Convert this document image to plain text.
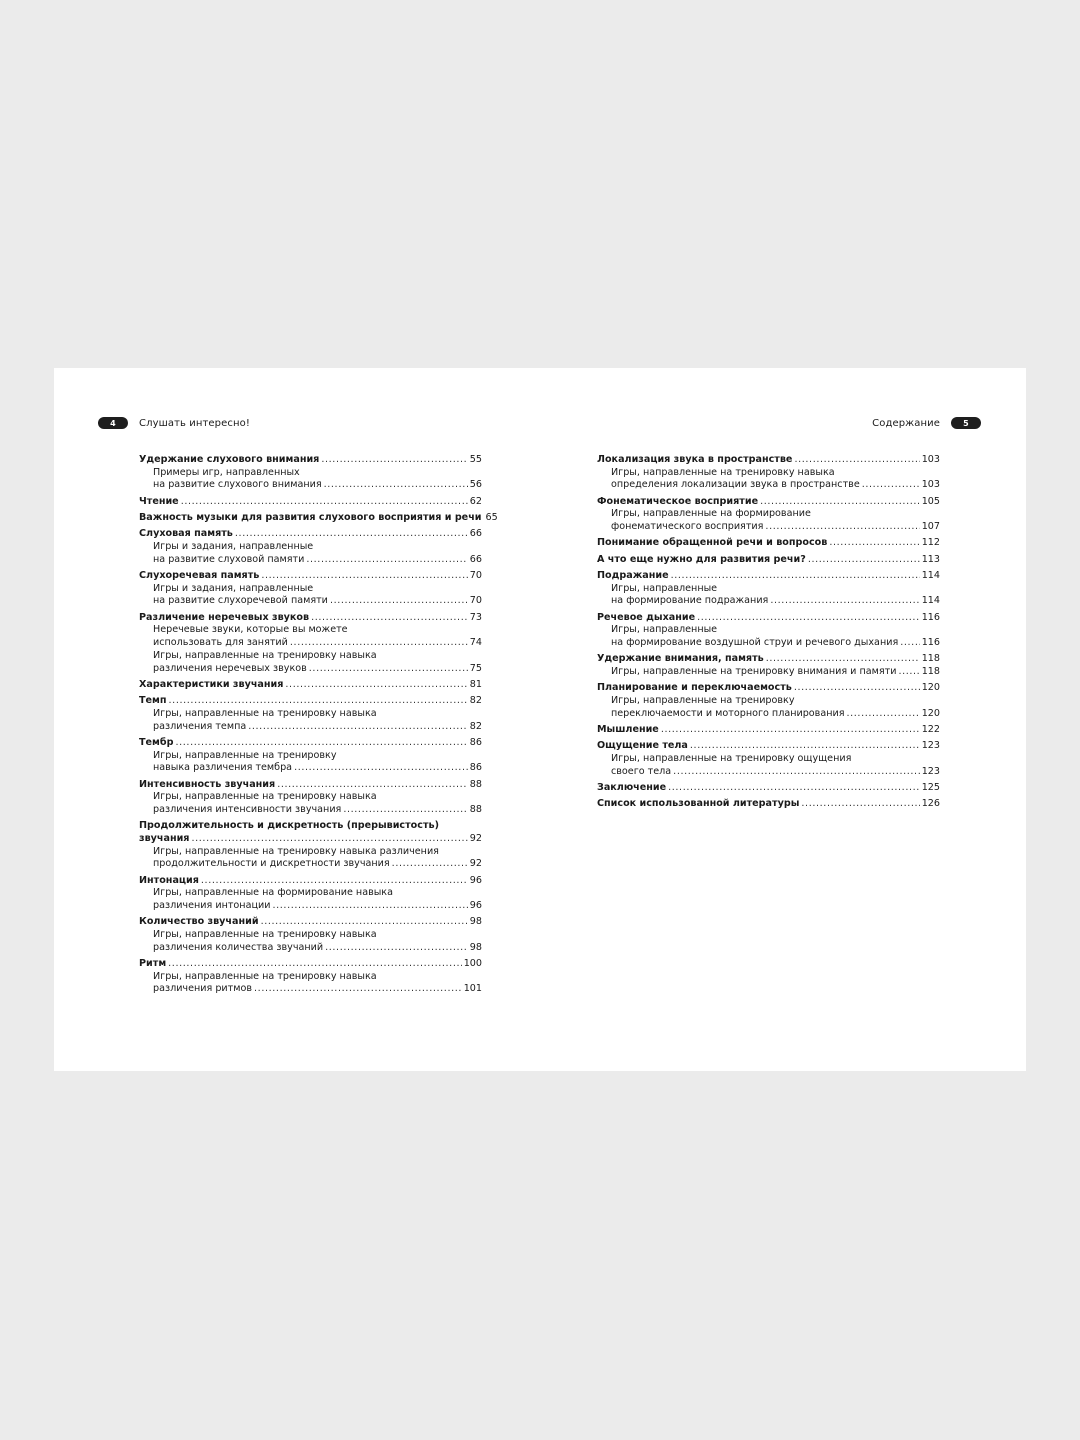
4	Слушать интересно!	Содержание	5
Удержание слухового внимания .....	55
Примеры игр, направленных
на развитие слухового внимания .....	56
Чтение .....	62
Важность музыки для развития слухового восприятия и речи 65
Слуховая память .....	66
Игры и задания, направленные
на развитие слуховой памяти .....	66
Слухоречевая память .....	70
Игры и задания, направленные
на развитие слухоречевой памяти .....	70
Различение неречевых звуков .....	73
Неречевые звуки, которые вы можете
использовать для занятий .....	74
Игры, направленные на тренировку навыка
различения неречевых звуков .....	75
Характеристики звучания .....	81
Темп .....	82
Игры, направленные на тренировку навыка
различения темпа .....	82
Тембр .....	86
Игры, направленные на тренировку
навыка различения тембра .....	86
Интенсивность звучания .....	88
Игры, направленные на тренировку навыка
различения интенсивности звучания .....	88
Продолжительность и дискретность (прерывистость)
звучания .....	92
Игры, направленные на тренировку навыка различения
продолжительности и дискретности звучания .....	92
Интонация .....	96
Игры, направленные на формирование навыка
различения интонации .....	96
Количество звучаний .....	98
Игры, направленные на тренировку навыка
различения количества звучаний .....	98
Ритм .....	100
Игры, направленные на тренировку навыка
различения ритмов .....	101
Локализация звука в пространстве .....	103
Игры, направленные на тренировку навыка
определения локализации звука в пространстве .....	103
Фонематическое восприятие .....	105
Игры, направленные на формирование
фонематического восприятия .....	107
Понимание обращенной речи и вопросов .....	112
А что еще нужно для развития речи? .....	113
Подражание .....	114
Игры, направленные
на формирование подражания .....	114
Речевое дыхание .....	116
Игры, направленные
на формирование воздушной струи и речевого дыхания ..... 116
Удержание внимания, память .....	118
Игры, направленные на тренировку внимания и памяти .....	118
Планирование и переключаемость .....	120
Игры, направленные на тренировку
переключаемости и моторного планирования .....	120
Мышление .....	122
Ощущение тела .....	123
Игры, направленные на тренировку ощущения
своего тела .....	123
Заключение .....	125
Список использованной литературы .....	126
